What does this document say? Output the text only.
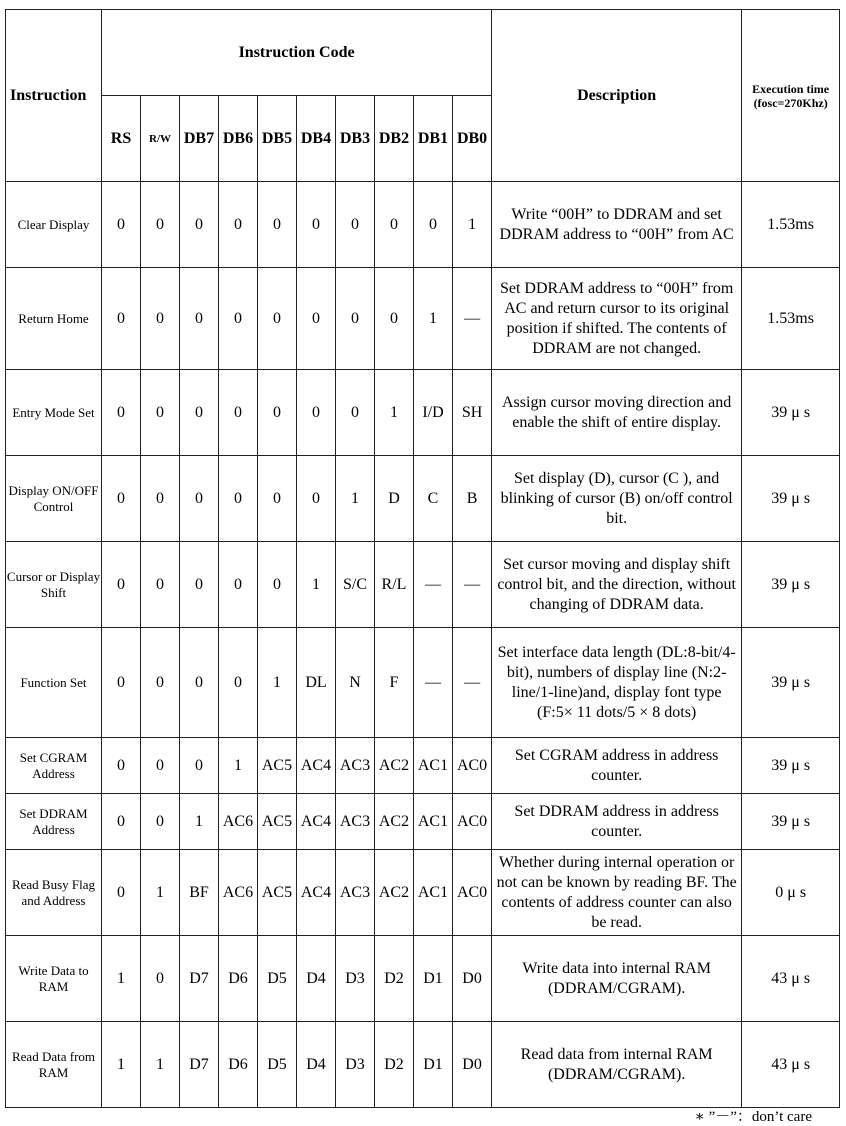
Instruction	Instruction Code										Description	Execution time
(fosc=270Khz)
	RS	R/W	DB7	DB6	DB5	DB4	DB3	DB2	DB1	DB0		
Clear Display	0	0	0	0	0	0	0	0	0	1	Write “00H” to DDRAM and set DDRAM address to “00H” from AC	1.53ms
Return Home	0	0	0	0	0	0	0	0	1	—	Set DDRAM address to “00H” from AC and return cursor to its original position if shifted. The contents of DDRAM are not changed.	1.53ms
Entry Mode Set	0	0	0	0	0	0	0	1	I/D	SH	Assign cursor moving direction and enable the shift of entire display.	39 μ s
Display ON/OFF Control	0	0	0	0	0	0	1	D	C	B	Set display (D), cursor (C ), and blinking of cursor (B) on/off control bit.	39 μ s
Cursor or Display Shift	0	0	0	0	0	1	S/C	R/L	—	—	Set cursor moving and display shift control bit, and the direction, without changing of DDRAM data.	39 μ s
Function Set	0	0	0	0	1	DL	N	F	—	—	Set interface data length (DL:8-bit/4-bit), numbers of display line (N:2-line/1-line)and, display font type (F:5× 11 dots/5 × 8 dots)	39 μ s
Set CGRAM Address	0	0	0	1	AC5	AC4	AC3	AC2	AC1	AC0	Set CGRAM address in address counter.	39 μ s
Set DDRAM Address	0	0	1	AC6	AC5	AC4	AC3	AC2	AC1	AC0	Set DDRAM address in address counter.	39 μ s
Read Busy Flag and Address	0	1	BF	AC6	AC5	AC4	AC3	AC2	AC1	AC0	Whether during internal operation or not can be known by reading BF. The contents of address counter can also be read.	0 μ s
Write Data to RAM	1	0	D7	D6	D5	D4	D3	D2	D1	D0	Write data into internal RAM (DDRAM/CGRAM).	43 μ s
Read Data from RAM	1	1	D7	D6	D5	D4	D3	D2	D1	D0	Read data from internal RAM (DDRAM/CGRAM).	43 μ s
∗ ”－”：don’t care
